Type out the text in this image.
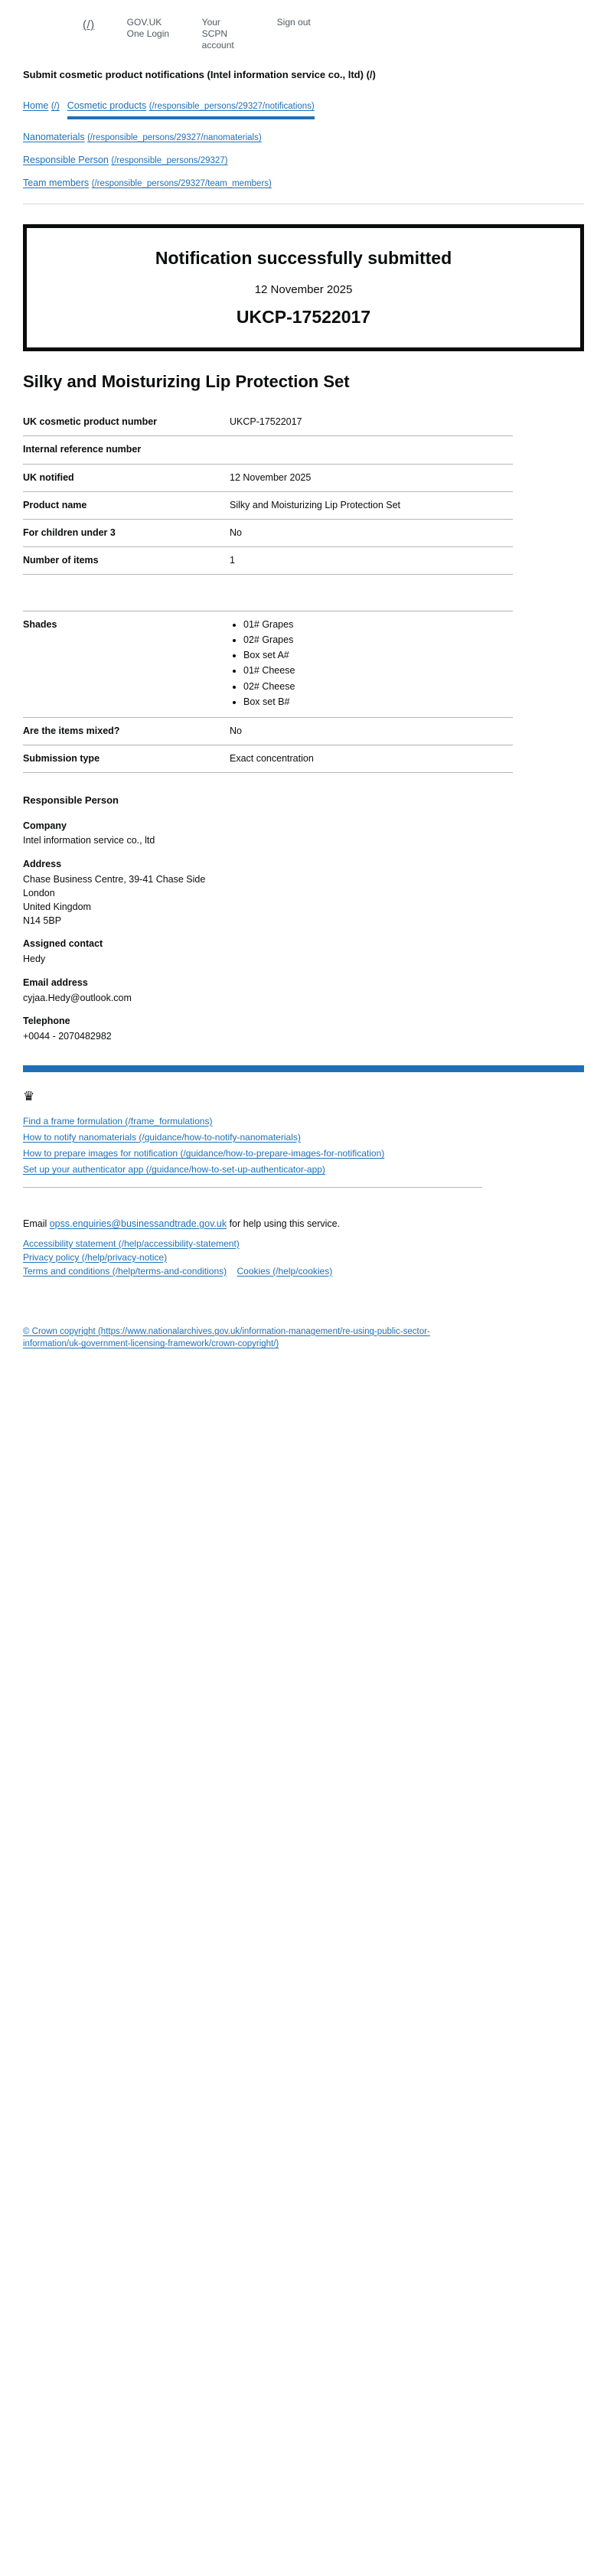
(/)	GOV.UK One Login
Your SCPN account
Sign out
Submit cosmetic product notifications (Intel information service co., ltd) (/)
Home (/) Cosmetic products (/responsible_persons/29327/notifications)
Nanomaterials (/responsible_persons/29327/nanomaterials)
Responsible Person (/responsible_persons/29327)
Team members (/responsible_persons/29327/team_members)
Notification successfully submitted
12 November 2025
UKCP-17522017
Silky and Moisturizing Lip Protection Set
UK cosmetic product number	UKCP-17522017
Internal reference number
UK notified	12 November 2025
Product name	Silky and Moisturizing Lip Protection Set
For children under 3	No
Number of items	1
Shades	• 01# Grapes
• 02# Grapes
• Box set A#
• 01# Cheese
• 02# Cheese
• Box set B#
Are the items mixed?	No
Submission type	Exact concentration
Responsible Person
Company
Intel information service co., ltd
Address
Chase Business Centre, 39-41 Chase Side
London
United Kingdom
N14 5BP
Assigned contact
Hedy
Email address
cyjaa.Hedy@outlook.com
Telephone
+0044 - 2070482982
♛
Find a frame formulation (/frame_formulations)
How to notify nanomaterials (/guidance/how-to-notify-nanomaterials)
How to prepare images for notification (/guidance/how-to-prepare-images-for-notification)
Set up your authenticator app (/guidance/how-to-set-up-authenticator-app)
Email opss.enquiries@businessandtrade.gov.uk for help using this service.
Accessibility statement (/help/accessibility-statement)
Privacy policy (/help/privacy-notice)
Terms and conditions (/help/terms-and-conditions) Cookies (/help/cookies)
© Crown copyright (https://www.nationalarchives.gov.uk/information-management/re-using-public-sector-information/uk-government-licensing-framework/crown-copyright/)
